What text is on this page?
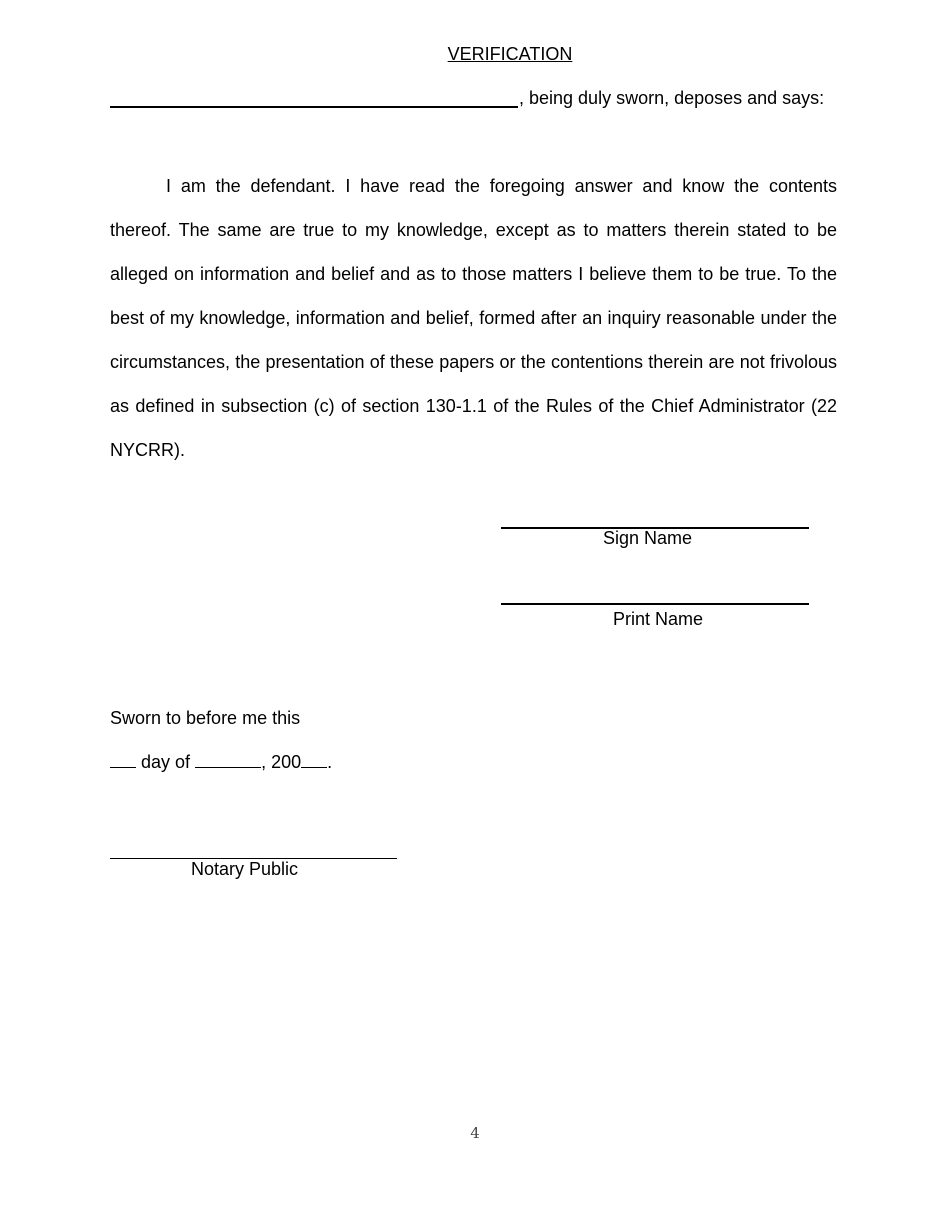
VERIFICATION
, being duly sworn, deposes and says:

I am the defendant. I have read the foregoing answer and know the contents thereof. The same are true to my knowledge, except as to matters therein stated to be alleged on information and belief and as to those matters I believe them to be true. To the best of my knowledge, information and belief, formed after an inquiry reasonable under the circumstances, the presentation of these papers or the contentions therein are not frivolous as defined in subsection (c) of section 130-1.1 of the Rules of the Chief Administrator (22 NYCRR).

Sign Name
Print Name
Sworn to before me this
day of	, 200 .
Notary Public
4
